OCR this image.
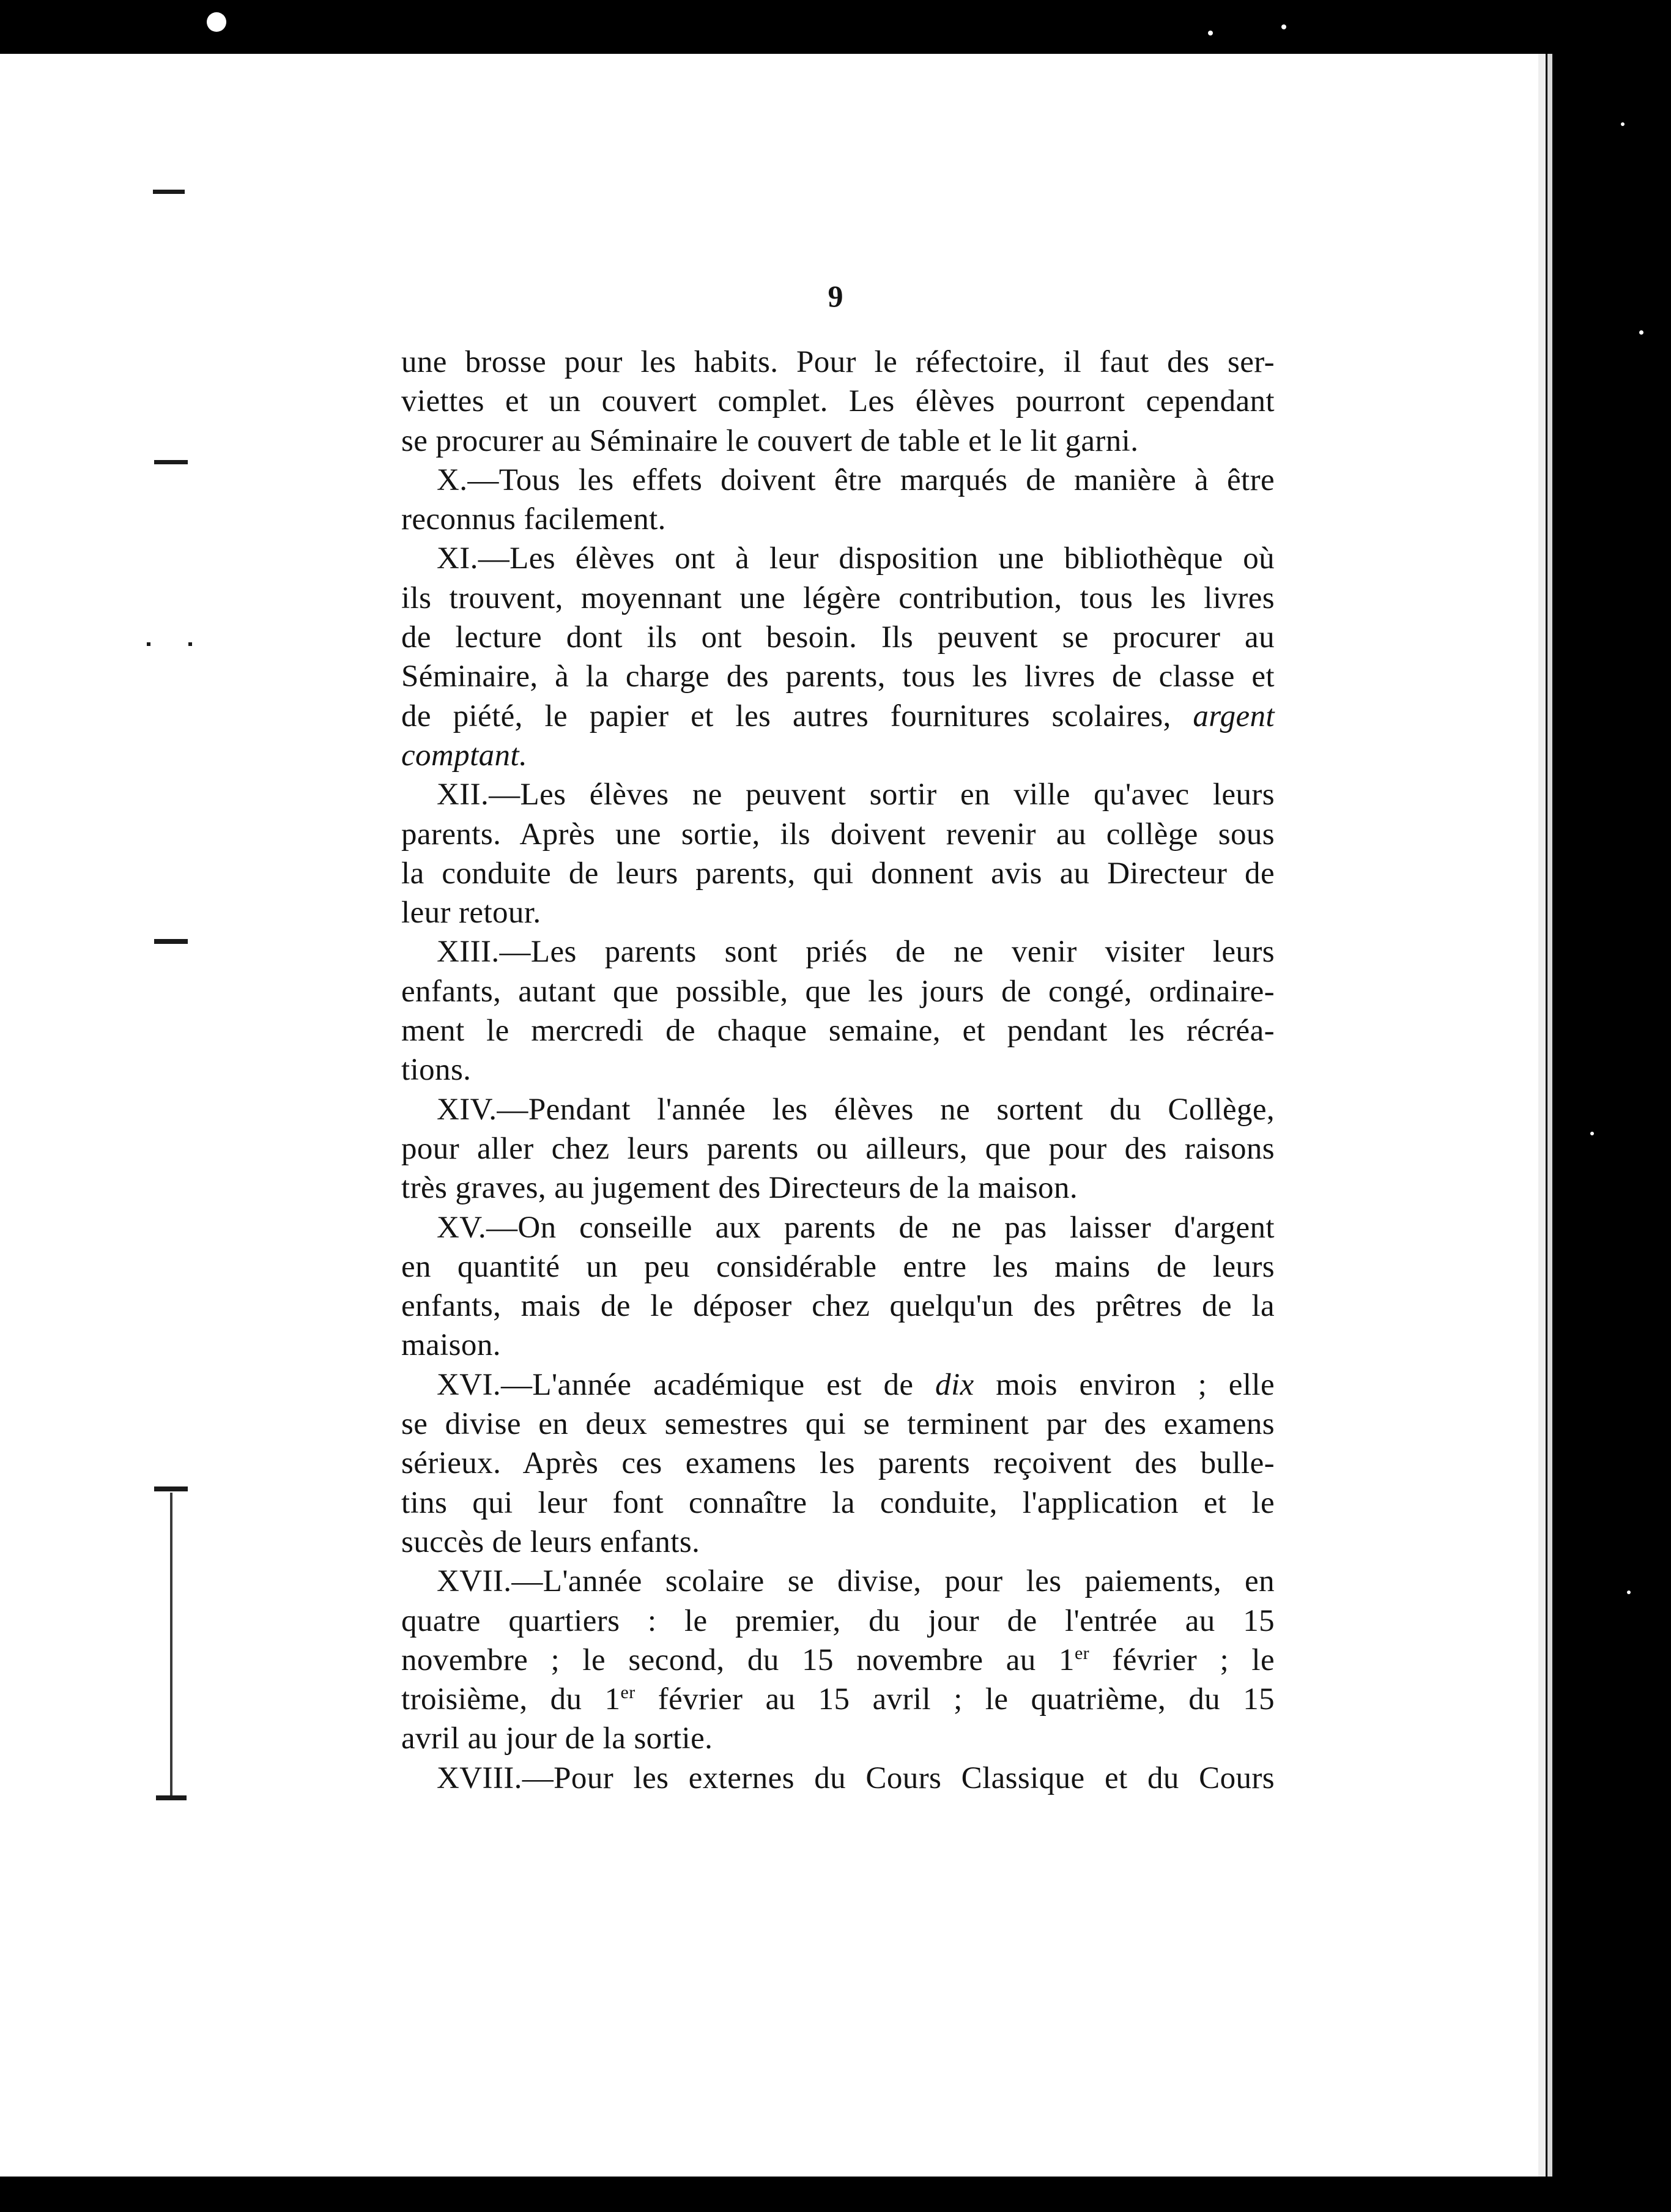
9
une brosse pour les habits. Pour le réfectoire, il faut des ser-
viettes et un couvert complet. Les élèves pourront cependant
se procurer au Séminaire le couvert de table et le lit garni.
X.—Tous les effets doivent être marqués de manière à être
reconnus facilement.
XI.—Les élèves ont à leur disposition une bibliothèque où
ils trouvent, moyennant une légère contribution, tous les livres
de lecture dont ils ont besoin. Ils peuvent se procurer au
Séminaire, à la charge des parents, tous les livres de classe et
de piété, le papier et les autres fournitures scolaires, argent
comptant.
XII.—Les élèves ne peuvent sortir en ville qu'avec leurs
parents. Après une sortie, ils doivent revenir au collège sous
la conduite de leurs parents, qui donnent avis au Directeur de
leur retour.
XIII.—Les parents sont priés de ne venir visiter leurs
enfants, autant que possible, que les jours de congé, ordinaire-
ment le mercredi de chaque semaine, et pendant les récréa-
tions.
XIV.—Pendant l'année les élèves ne sortent du Collège,
pour aller chez leurs parents ou ailleurs, que pour des raisons
très graves, au jugement des Directeurs de la maison.
XV.—On conseille aux parents de ne pas laisser d'argent
en quantité un peu considérable entre les mains de leurs
enfants, mais de le déposer chez quelqu'un des prêtres de la
maison.
XVI.—L'année académique est de dix mois environ ; elle
se divise en deux semestres qui se terminent par des examens
sérieux. Après ces examens les parents reçoivent des bulle-
tins qui leur font connaître la conduite, l'application et le
succès de leurs enfants.
XVII.—L'année scolaire se divise, pour les paiements, en
quatre quartiers : le premier, du jour de l'entrée au 15
novembre ; le second, du 15 novembre au 1er février ; le
troisième, du 1er février au 15 avril ; le quatrième, du 15
avril au jour de la sortie.
XVIII.—Pour les externes du Cours Classique et du Cours
